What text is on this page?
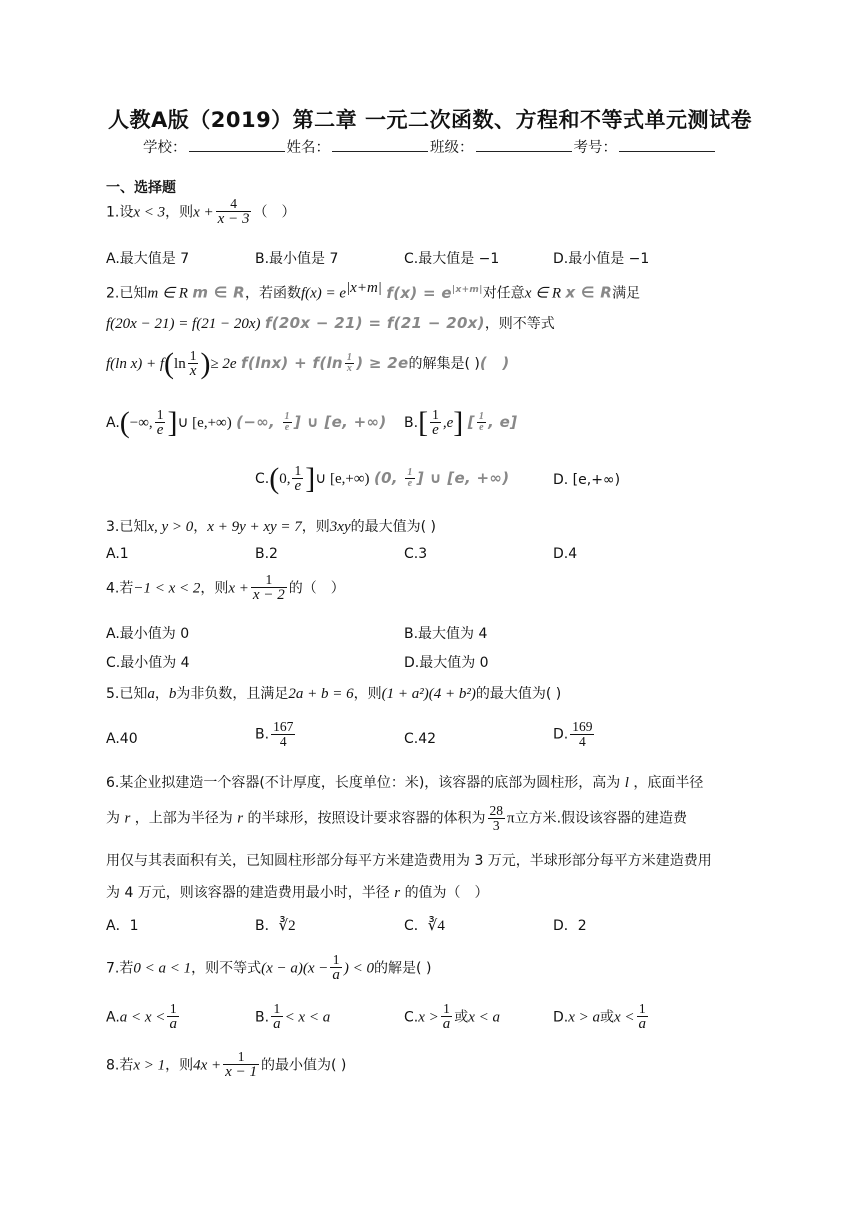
人教A版（2019）第二章 一元二次函数、方程和不等式单元测试卷
学校：	姓名：	班级：	考号：
一、选择题
1.设x < 3，则$x + \frac{4}{x - 3}$ （　）
A.最大值是 7	B.最小值是 7	C.最大值是 −1	D.最小值是 −1
2.已知m ∈ R m ∈ R，若函数$f(x) = e^{|x+m|}$ $f(x) = e^{|x+m|}$对任意x ∈ R x ∈ R满足
f(20x − 21) = f(21 − 20x) f(20x − 21) = f(21 − 20x)，则不等式
f(ln $x) + f(\ln \frac{1}{x}$ )≥ 2e $f(\ln x) + f(\ln \frac{1}{x}$ ) ≥ 2e的解集是( )(　)
A.(−∞, $\frac{1}{e}$ ]∪ [e,+∞) (−∞, $\frac{1}{e}$ ] ∪ [e, +∞) $B.[ \frac{1}{e} ,e]$ [ $\frac{1}{e}$ , e]
C.(0, $\frac{1}{e}$ ]∪ [e,+∞) (0, $\frac{1}{e}$ ] ∪ [e, +∞)	D. [e,+∞)
3.已知x, y > 0，x + 9y + xy = 7，则3xy的最大值为( )
A.1	B.2	C.3	D.4
4.若−1 < x < 2，则$x + \frac{1}{x - 2}$ 的（　）
A.最小值为 0	B.最大值为 4
C.最小值为 4	D.最大值为 0
5.已知a，b为非负数，且满足2a + b = 6，则(1 + a²)(4 + b²)的最大值为( )
A.40	B. $\frac{167}{4}$	C.42	D. $\frac{169}{4}$
6.某企业拟建造一个容器(不计厚度，长度单位：米)，该容器的底部为圆柱形，高为 l ，底面半径
为 r ，上部为半径为 r 的半球形，按照设计要求容器的体积为 $\frac{28}{3}$ π立方米.假设该容器的建造费
用仅与其表面积有关，已知圆柱形部分每平方米建造费用为 3 万元，半球形部分每平方米建造费用
为 4 万元，则该容器的建造费用最小时，半径 r 的值为（　）
A．1	B．∛2	C．∛4	D．2
7.若0 < a < 1，则不等式$(x - a)(x - \frac{1}{a}$ ) < 0的解是( )
$A.a < x < \frac{1}{a}$	B. $\frac{1}{a} < x < a$	$C.x > \frac{1}{a}$ 或x < a	D.x > a或$x < \frac{1}{a}$
8.若x > 1，则$4x + \frac{1}{x - 1}$ 的最小值为( )
